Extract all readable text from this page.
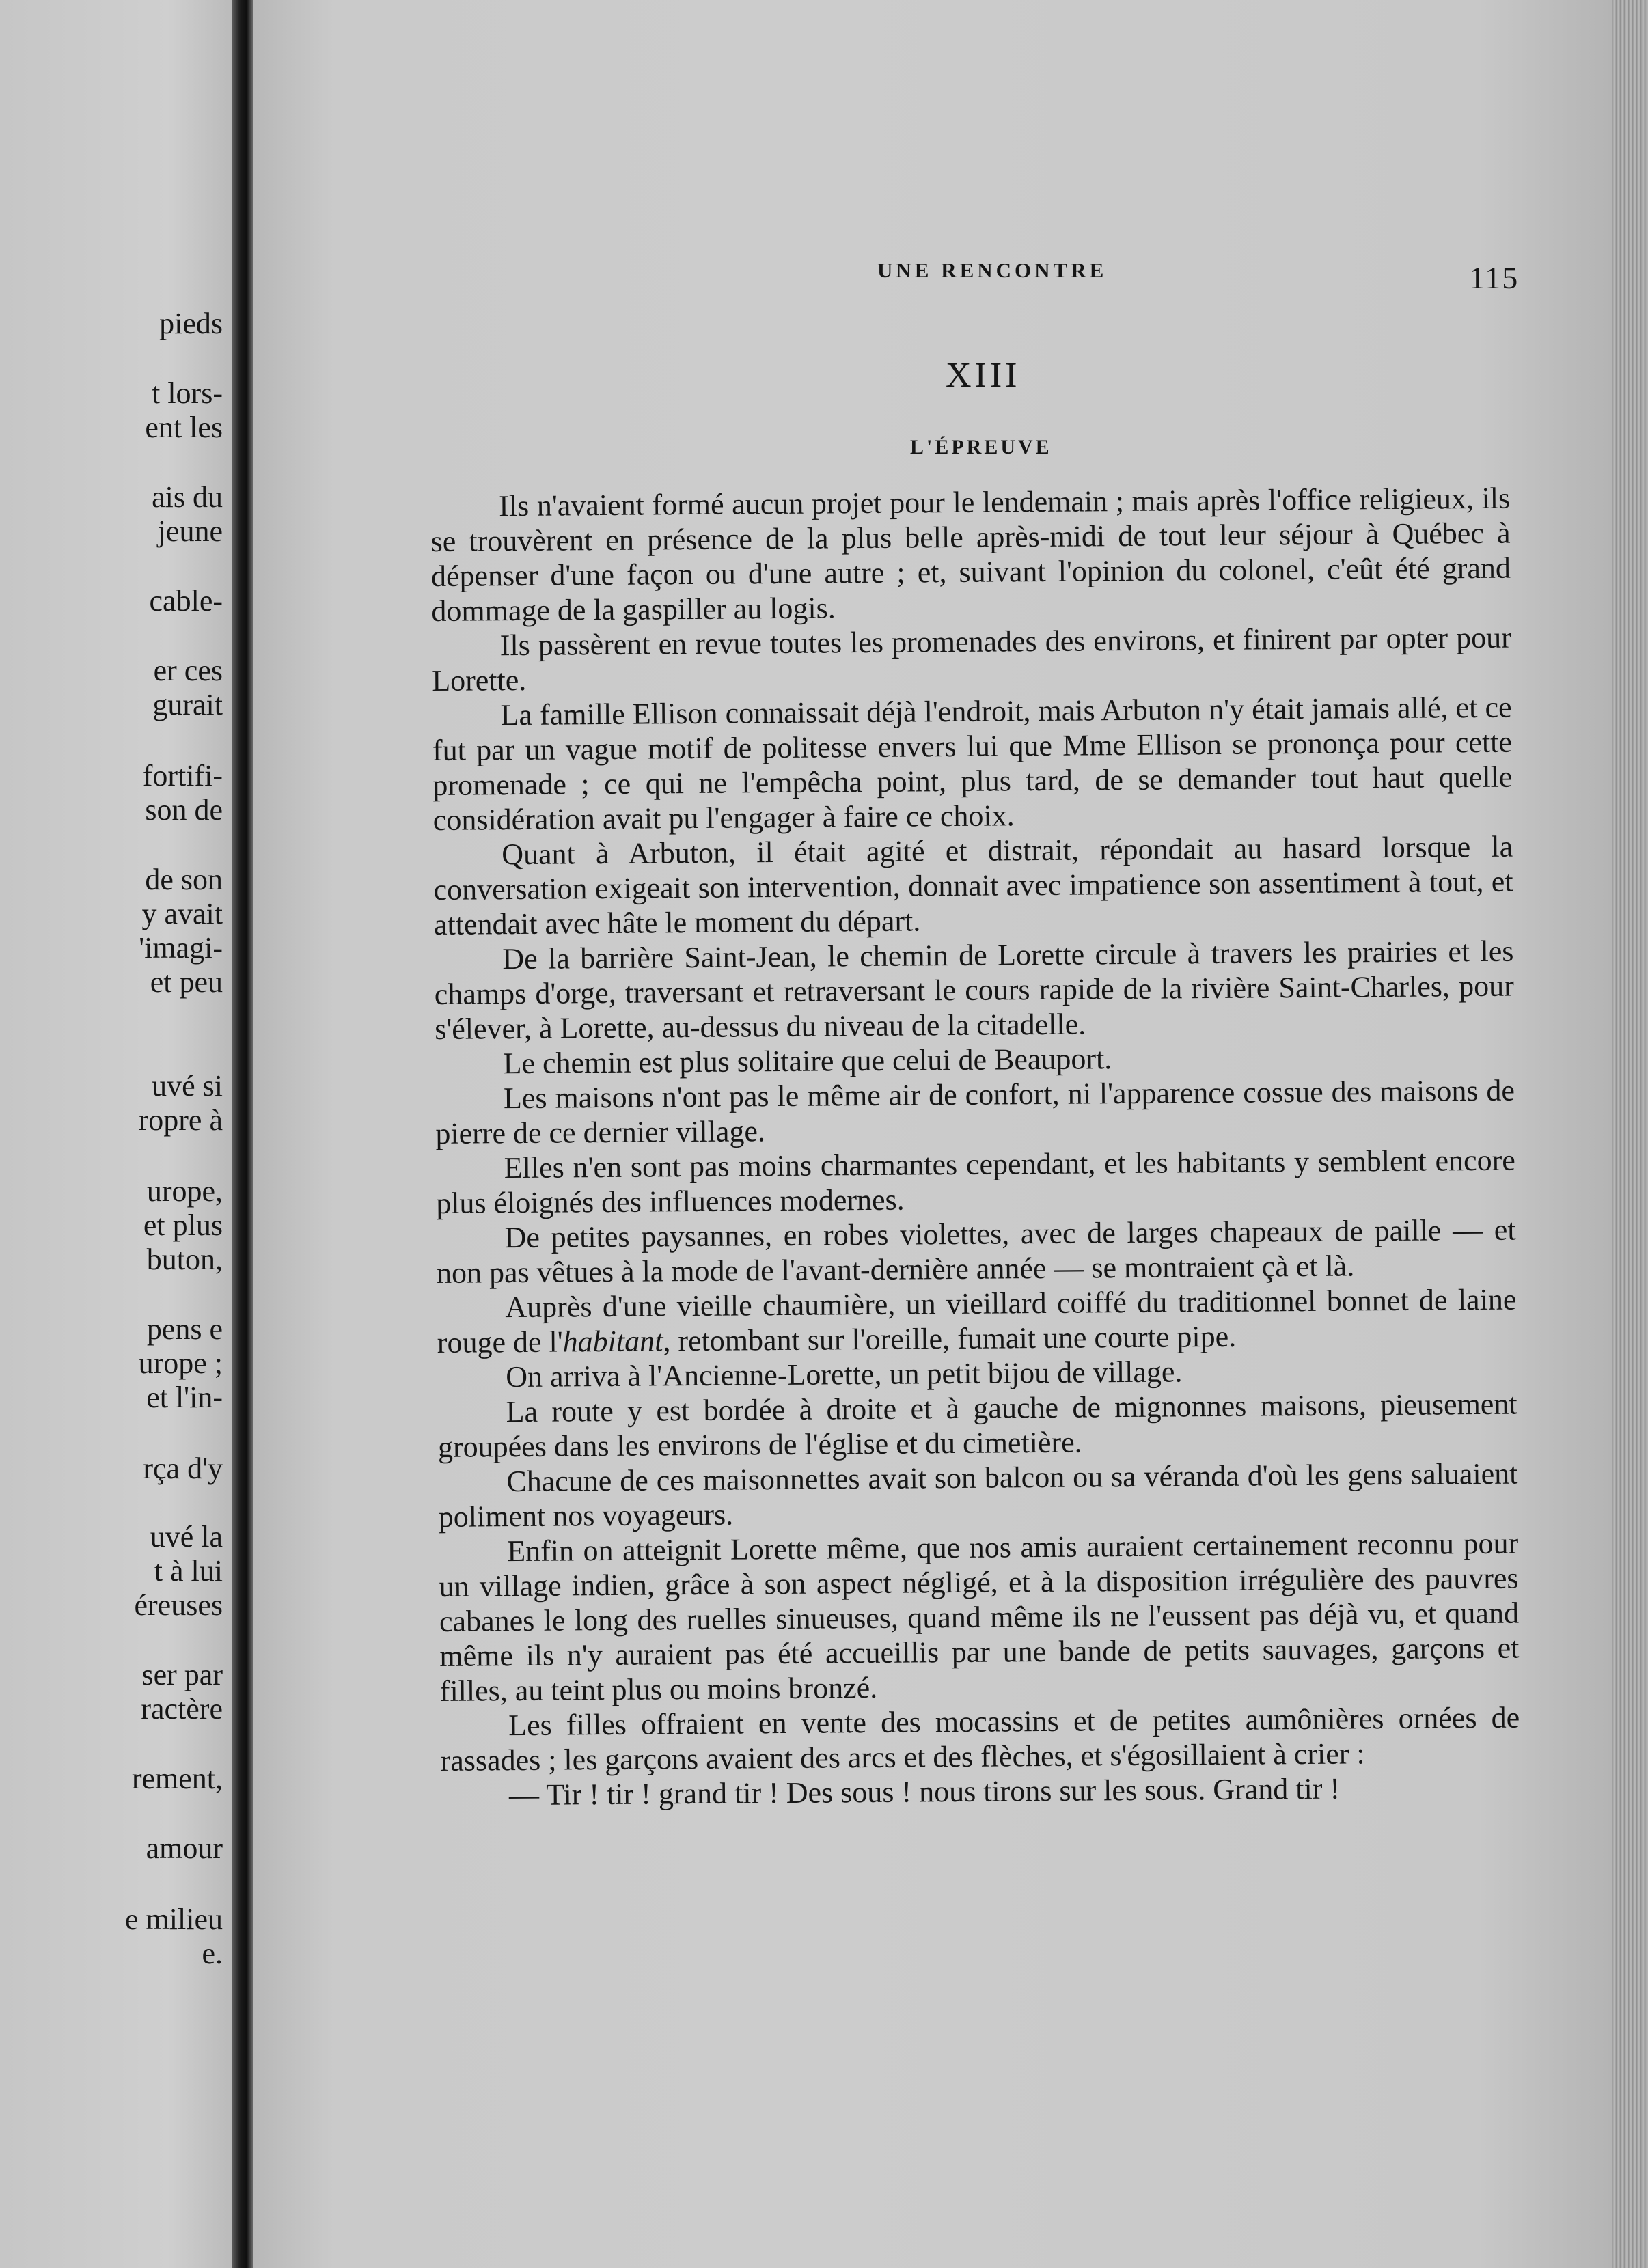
pieds
t lors-
ent les
ais du
jeune
cable-
er ces
gurait
fortifi-
son de
de son
y avait
'imagi-
et peu
uvé si
ropre à
urope,
et plus
buton,
pens e
urope ;
et l'in-
rça d'y
uvé la
t à lui
éreuses
ser par
ractère
rement,
amour
e milieu
e.
UNE RENCONTRE	115
XIII
L'ÉPREUVE

Ils n'avaient formé aucun projet pour le lendemain ; mais après l'office religieux, ils se trouvèrent en présence de la plus belle après-midi de tout leur séjour à Québec à dépenser d'une façon ou d'une autre ; et, suivant l'opinion du colonel, c'eût été grand dommage de la gaspiller au logis.

Ils passèrent en revue toutes les promenades des environs, et finirent par opter pour Lorette.

La famille Ellison connaissait déjà l'endroit, mais Arbuton n'y était jamais allé, et ce fut par un vague motif de politesse envers lui que Mme Ellison se prononça pour cette promenade ; ce qui ne l'empêcha point, plus tard, de se demander tout haut quelle considération avait pu l'engager à faire ce choix.

Quant à Arbuton, il était agité et distrait, répondait au hasard lorsque la conversation exigeait son intervention, donnait avec impatience son assentiment à tout, et attendait avec hâte le moment du départ.

De la barrière Saint-Jean, le chemin de Lorette circule à travers les prairies et les champs d'orge, traversant et retraversant le cours rapide de la rivière Saint-Charles, pour s'élever, à Lorette, au-dessus du niveau de la citadelle.

Le chemin est plus solitaire que celui de Beauport.

Les maisons n'ont pas le même air de confort, ni l'apparence cossue des maisons de pierre de ce dernier village.

Elles n'en sont pas moins charmantes cependant, et les habitants y semblent encore plus éloignés des influences modernes.

De petites paysannes, en robes violettes, avec de larges chapeaux de paille — et non pas vêtues à la mode de l'avant-dernière année — se montraient çà et là.

Auprès d'une vieille chaumière, un vieillard coiffé du traditionnel bonnet de laine rouge de l'habitant, retombant sur l'oreille, fumait une courte pipe.

On arriva à l'Ancienne-Lorette, un petit bijou de village.

La route y est bordée à droite et à gauche de mignonnes maisons, pieusement groupées dans les environs de l'église et du cimetière.

Chacune de ces maisonnettes avait son balcon ou sa véranda d'où les gens saluaient poliment nos voyageurs.

Enfin on atteignit Lorette même, que nos amis auraient certainement reconnu pour un village indien, grâce à son aspect négligé, et à la disposition irrégulière des pauvres cabanes le long des ruelles sinueuses, quand même ils ne l'eussent pas déjà vu, et quand même ils n'y auraient pas été accueillis par une bande de petits sauvages, garçons et filles, au teint plus ou moins bronzé.

Les filles offraient en vente des mocassins et de petites aumônières ornées de rassades ; les garçons avaient des arcs et des flèches, et s'égosillaient à crier :

— Tir ! tir ! grand tir ! Des sous ! nous tirons sur les sous. Grand tir !
